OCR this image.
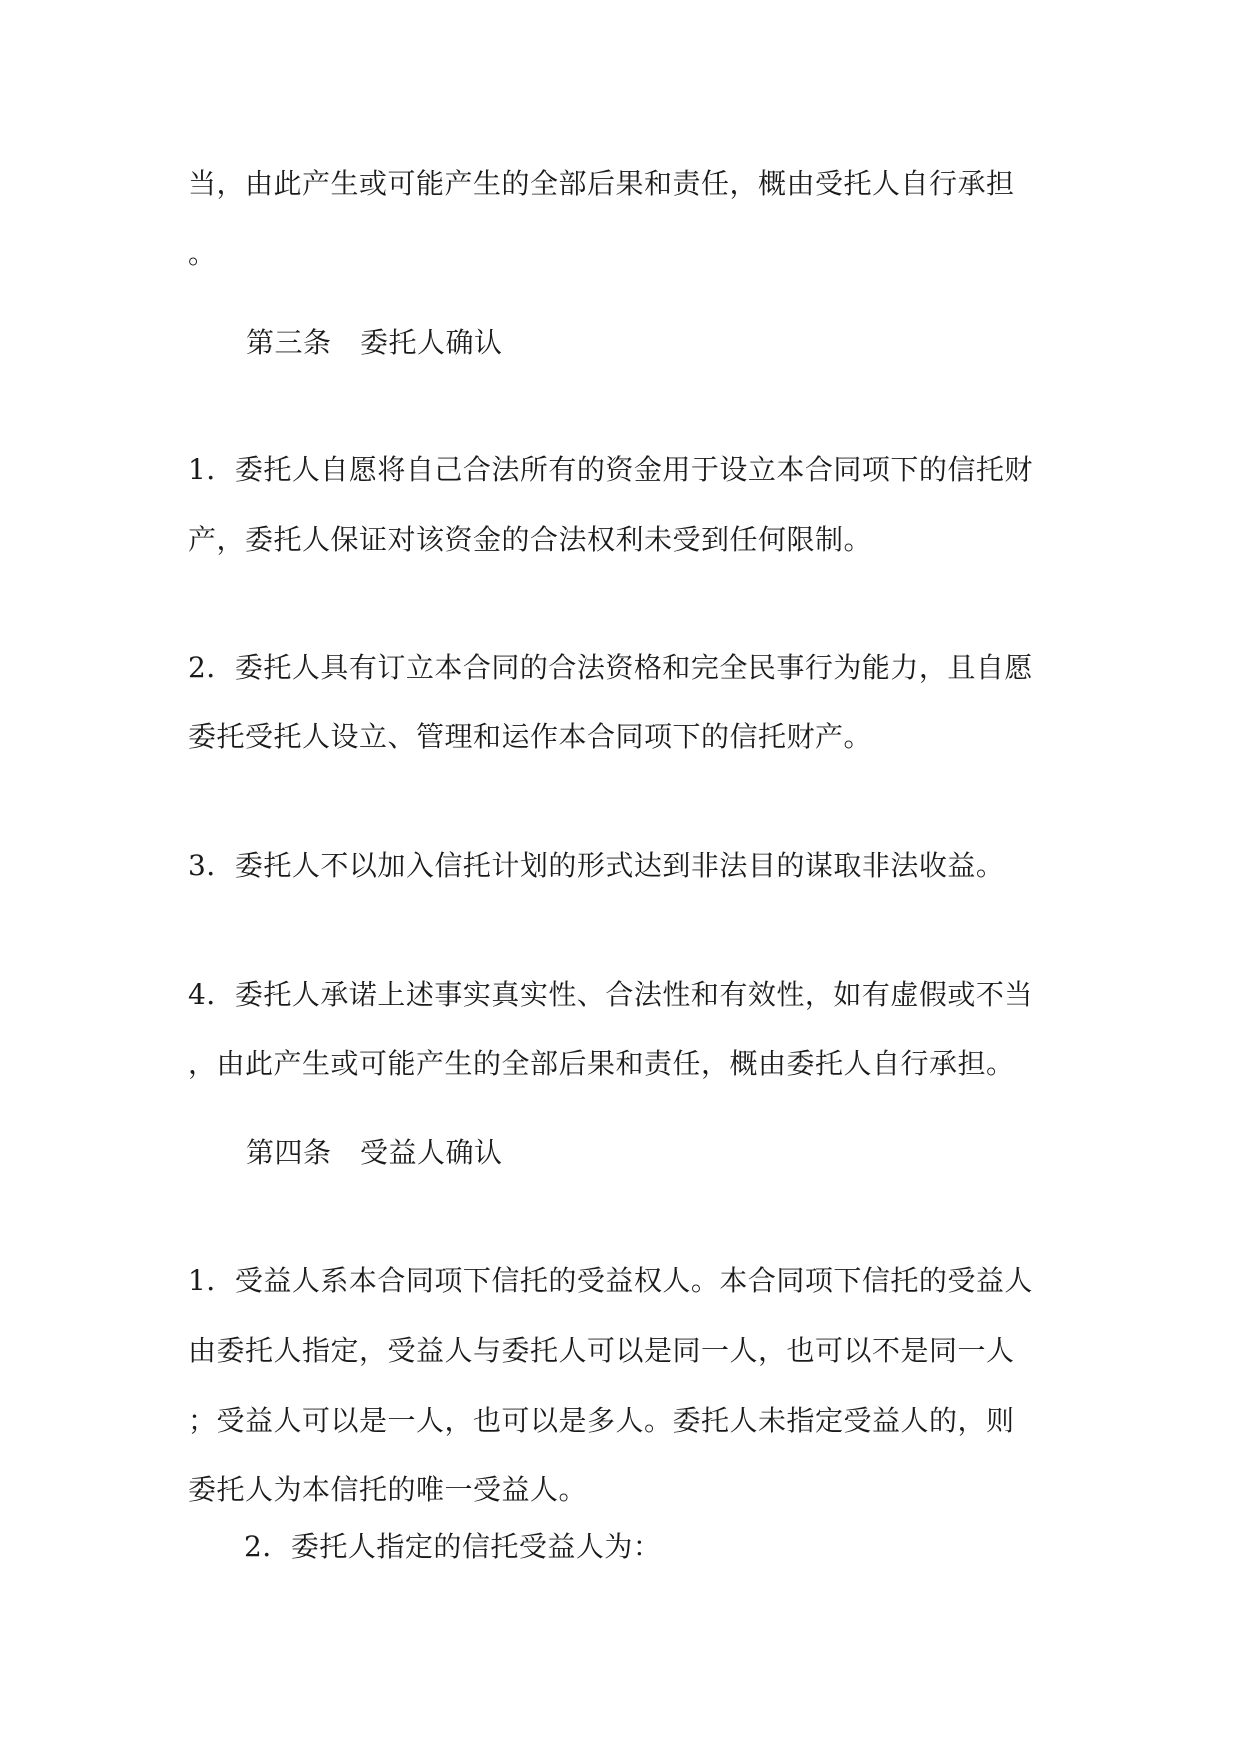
当，由此产生或可能产生的全部后果和责任，概由受托人自行承担

。

第三条　委托人确认

1．委托人自愿将自己合法所有的资金用于设立本合同项下的信托财

产，委托人保证对该资金的合法权利未受到任何限制。

2．委托人具有订立本合同的合法资格和完全民事行为能力，且自愿

委托受托人设立、管理和运作本合同项下的信托财产。

3．委托人不以加入信托计划的形式达到非法目的谋取非法收益。

4．委托人承诺上述事实真实性、合法性和有效性，如有虚假或不当

，由此产生或可能产生的全部后果和责任，概由委托人自行承担。

第四条　受益人确认

1．受益人系本合同项下信托的受益权人。本合同项下信托的受益人

由委托人指定，受益人与委托人可以是同一人，也可以不是同一人

；受益人可以是一人，也可以是多人。委托人未指定受益人的，则

委托人为本信托的唯一受益人。

2．委托人指定的信托受益人为：
